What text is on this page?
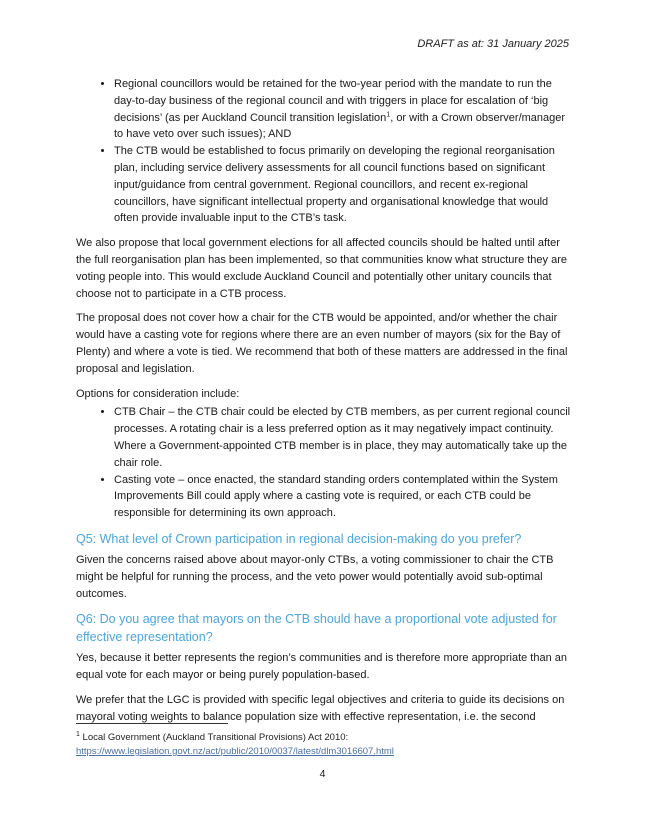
DRAFT as at: 31 January 2025
• Regional councillors would be retained for the two-year period with the mandate to run the day-to-day business of the regional council and with triggers in place for escalation of ‘big decisions’ (as per Auckland Council transition legislation$^1$, or with a Crown observer/manager to have veto over such issues); AND
• The CTB would be established to focus primarily on developing the regional reorganisation plan, including service delivery assessments for all council functions based on significant input/guidance from central government. Regional councillors, and recent ex-regional councillors, have significant intellectual property and organisational knowledge that would often provide invaluable input to the CTB’s task.

We also propose that local government elections for all affected councils should be halted until after the full reorganisation plan has been implemented, so that communities know what structure they are voting people into. This would exclude Auckland Council and potentially other unitary councils that choose not to participate in a CTB process.

The proposal does not cover how a chair for the CTB would be appointed, and/or whether the chair would have a casting vote for regions where there are an even number of mayors (six for the Bay of Plenty) and where a vote is tied. We recommend that both of these matters are addressed in the final proposal and legislation.

Options for consideration include:

• CTB Chair – the CTB chair could be elected by CTB members, as per current regional council processes. A rotating chair is a less preferred option as it may negatively impact continuity. Where a Government-appointed CTB member is in place, they may automatically take up the chair role.
• Casting vote – once enacted, the standard standing orders contemplated within the System Improvements Bill could apply where a casting vote is required, or each CTB could be responsible for determining its own approach.
Q5: What level of Crown participation in regional decision-making do you prefer?

Given the concerns raised above about mayor-only CTBs, a voting commissioner to chair the CTB might be helpful for running the process, and the veto power would potentially avoid sub-optimal outcomes.

Q6: Do you agree that mayors on the CTB should have a proportional vote adjusted for effective representation?

Yes, because it better represents the region’s communities and is therefore more appropriate than an equal vote for each mayor or being purely population-based.

We prefer that the LGC is provided with specific legal objectives and criteria to guide its decisions on mayoral voting weights to balance population size with effective representation, i.e. the second

$^1$ Local Government (Auckland Transitional Provisions) Act 2010:
https://www.legislation.govt.nz/act/public/2010/0037/latest/dlm3016607.html
4
